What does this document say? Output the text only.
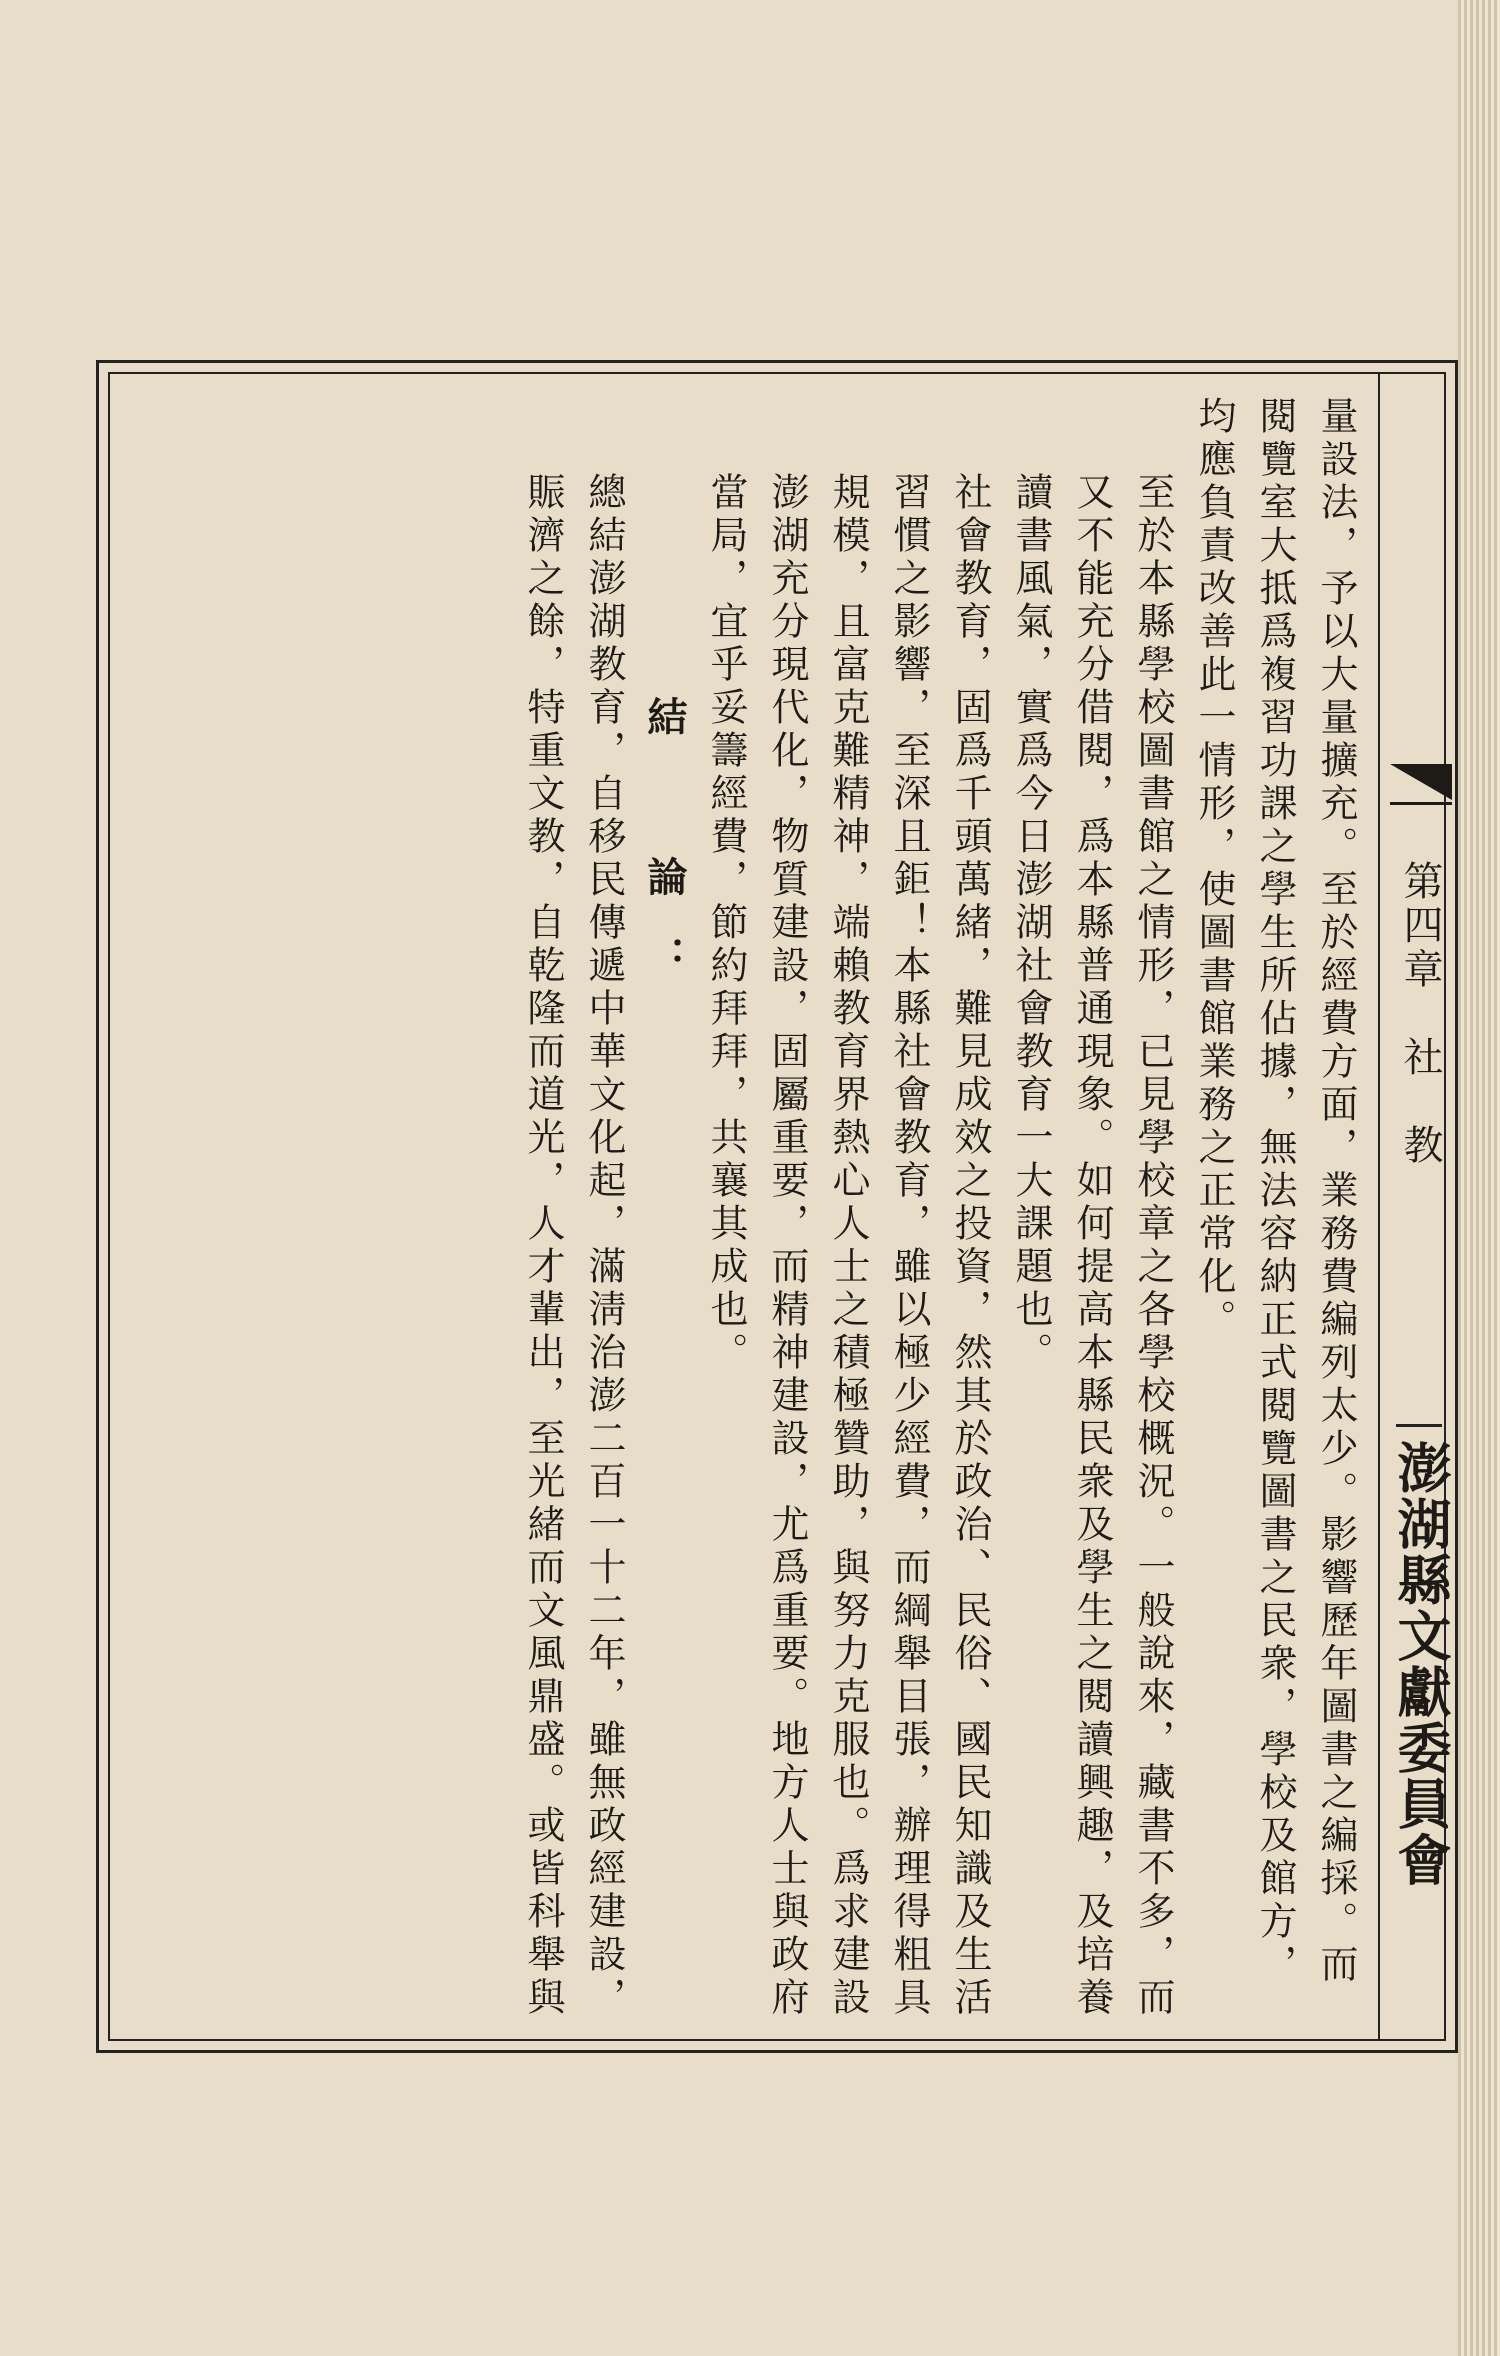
第四章　社　教
澎湖縣文獻委員會

量設法，予以大量擴充。至於經費方面，業務費編列太少。影響歷年圖書之編採。而閱覽室大抵爲複習功課之學生所佔據，無法容納正式閱覽圖書之民衆，學校及館方，均應負責改善此一情形，使圖書館業務之正常化。

至於本縣學校圖書館之情形，已見學校章之各學校概況。一般說來，藏書不多，而又不能充分借閱，爲本縣普通現象。如何提高本縣民衆及學生之閱讀興趣，及培養讀書風氣，實爲今日澎湖社會教育一大課題也。

社會教育，固爲千頭萬緒，難見成效之投資，然其於政治、民俗、國民知識及生活習慣之影響，至深且鉅！本縣社會教育，雖以極少經費，而綱舉目張，辦理得粗具規模，且富克難精神，端賴教育界熱心人士之積極贊助，與努力克服也。爲求建設澎湖充分現代化，物質建設，固屬重要，而精神建設，尤爲重要。地方人士與政府當局，宜乎妥籌經費，節約拜拜，共襄其成也。

結　論：

總結澎湖教育，自移民傳遞中華文化起，滿淸治澎二百一十二年，雖無政經建設，賑濟之餘，特重文教，自乾隆而道光，人才輩出，至光緒而文風鼎盛。或皆科舉與
